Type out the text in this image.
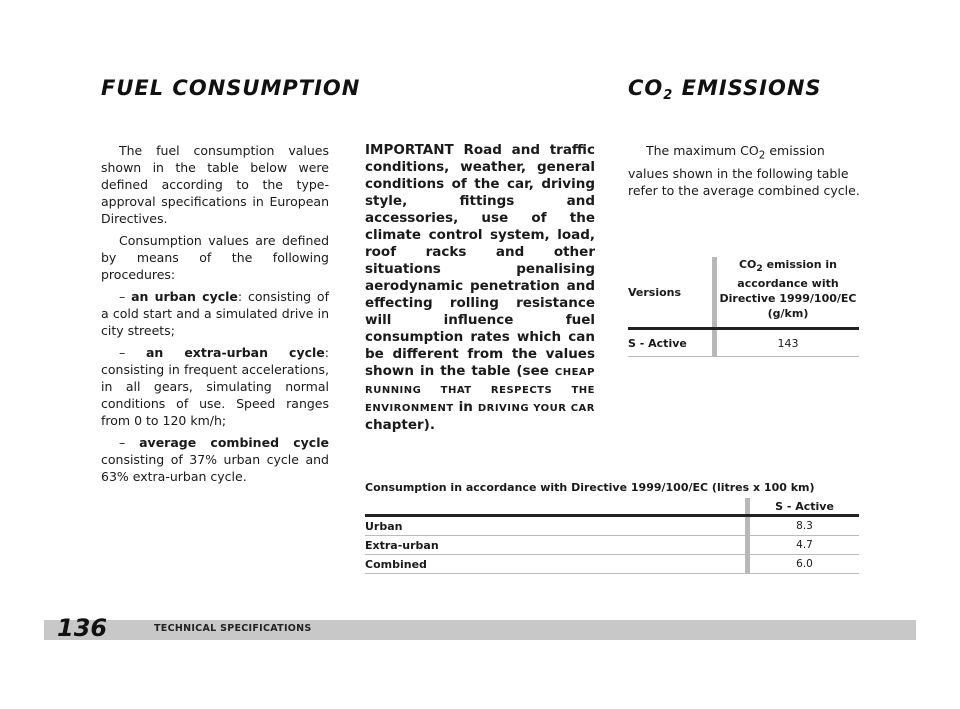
FUEL CONSUMPTION	$CO_2$ EMISSIONS

The fuel consumption values shown in the table below were defined according to the type-approval specifications in European Directives.

Consumption values are defined by means of the following procedures:

– an urban cycle: consisting of a cold start and a simulated drive in city streets;

– an extra-urban cycle: consisting in frequent accelerations, in all gears, simulating normal conditions of use. Speed ranges from 0 to 120 km/h;

– average combined cycle consisting of 37% urban cycle and 63% extra-urban cycle.

IMPORTANT Road and traffic conditions, weather, general conditions of the car, driving style, fittings and accessories, use of the climate control system, load, roof racks and other situations penalising aerodynamic penetration and effecting rolling resistance will influence fuel consumption rates which can be different from the values shown in the table (see CHEAP RUNNING THAT RESPECTS THE ENVIRONMENT in DRIVING YOUR CAR chapter).

The maximum $CO_2$ emission values shown in the following table refer to the average combined cycle.

Versions
$CO_2$ emission in
accordance with
Directive 1999/100/EC
(g/km)
S - Active	143

Consumption in accordance with Directive 1999/100/EC (litres x 100 km)

S - Active
Urban	8.3
Extra-urban	4.7
Combined	6.0

136	TECHNICAL SPECIFICATIONS
